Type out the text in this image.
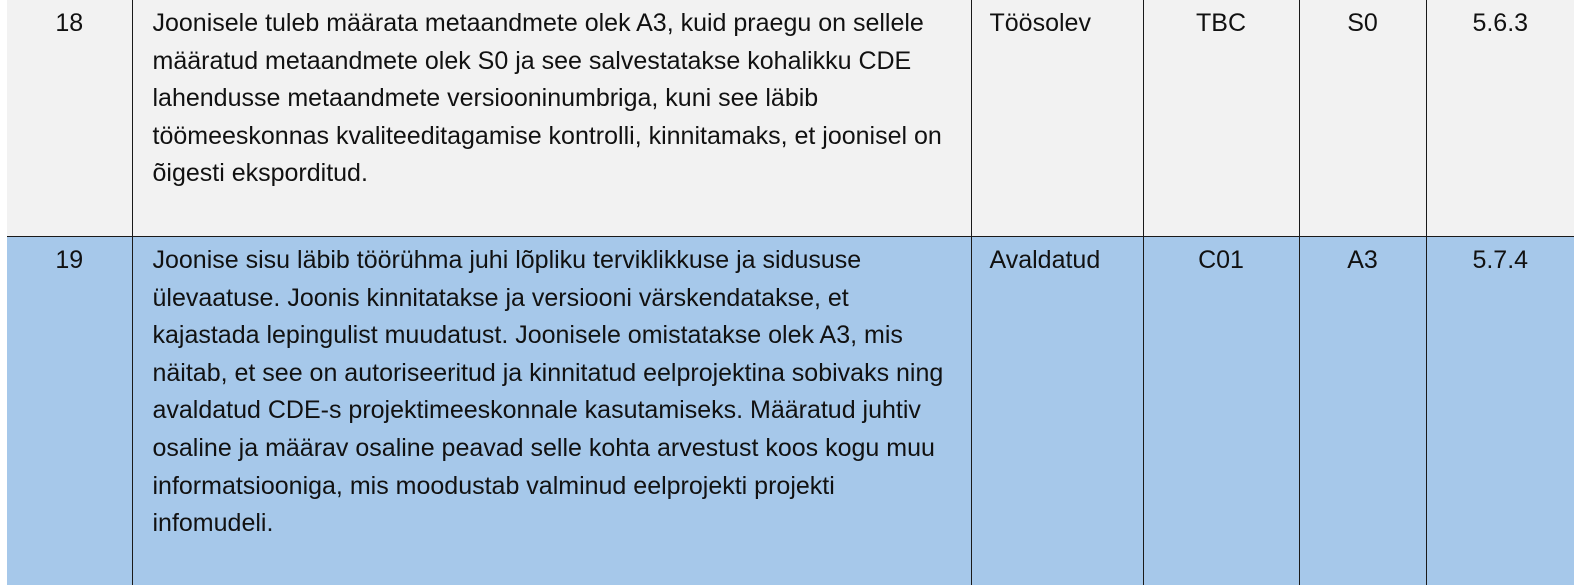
18	Joonisele tuleb määrata metaandmete olek A3, kuid praegu on sellele määratud metaandmete olek S0 ja see salvestatakse kohalikku CDE lahendusse metaandmete versiooninumbriga, kuni see läbib töömeeskonnas kvaliteeditagamise kontrolli, kinnitamaks, et joonisel on õigesti eksporditud.	Töösolev	TBC	S0	5.6.3
19	Joonise sisu läbib töörühma juhi lõpliku terviklikkuse ja sidususe ülevaatuse. Joonis kinnitatakse ja versiooni värskendatakse, et kajastada lepingulist muudatust. Joonisele omistatakse olek A3, mis näitab, et see on autoriseeritud ja kinnitatud eelprojektina sobivaks ning avaldatud CDE-s projektimeeskonnale kasutamiseks. Määratud juhtiv osaline ja määrav osaline peavad selle kohta arvestust koos kogu muu informatsiooniga, mis moodustab valminud eelprojekti projekti infomudeli.	Avaldatud	C01	A3	5.7.4
